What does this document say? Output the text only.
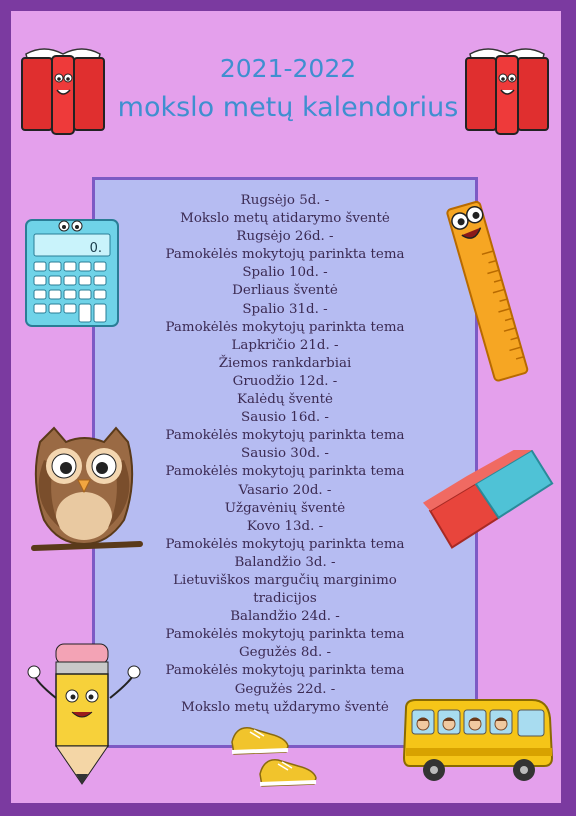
2021-2022
mokslo metų kalendorius
Rugsėjo 5d. -
Mokslo metų atidarymo šventė
Rugsėjo 26d. -
Pamokėlės mokytojų parinkta tema
Spalio 10d. -
Derliaus šventė
Spalio 31d. -
Pamokėlės mokytojų parinkta tema
Lapkričio 21d. -
Žiemos rankdarbiai
Gruodžio 12d. -
Kalėdų šventė
Sausio 16d. -
Pamokėlės mokytojų parinkta tema
Sausio 30d. -
Pamokėlės mokytojų parinkta tema
Vasario 20d. -
Užgavėnių šventė
Kovo 13d. -
Pamokėlės mokytojų parinkta tema
Balandžio 3d. -
Lietuviškos margučių marginimo
tradicijos
Balandžio 24d. -
Pamokėlės mokytojų parinkta tema
Gegužės 8d. -
Pamokėlės mokytojų parinkta tema
Gegužės 22d. -
Mokslo metų uždarymo šventė
0.
